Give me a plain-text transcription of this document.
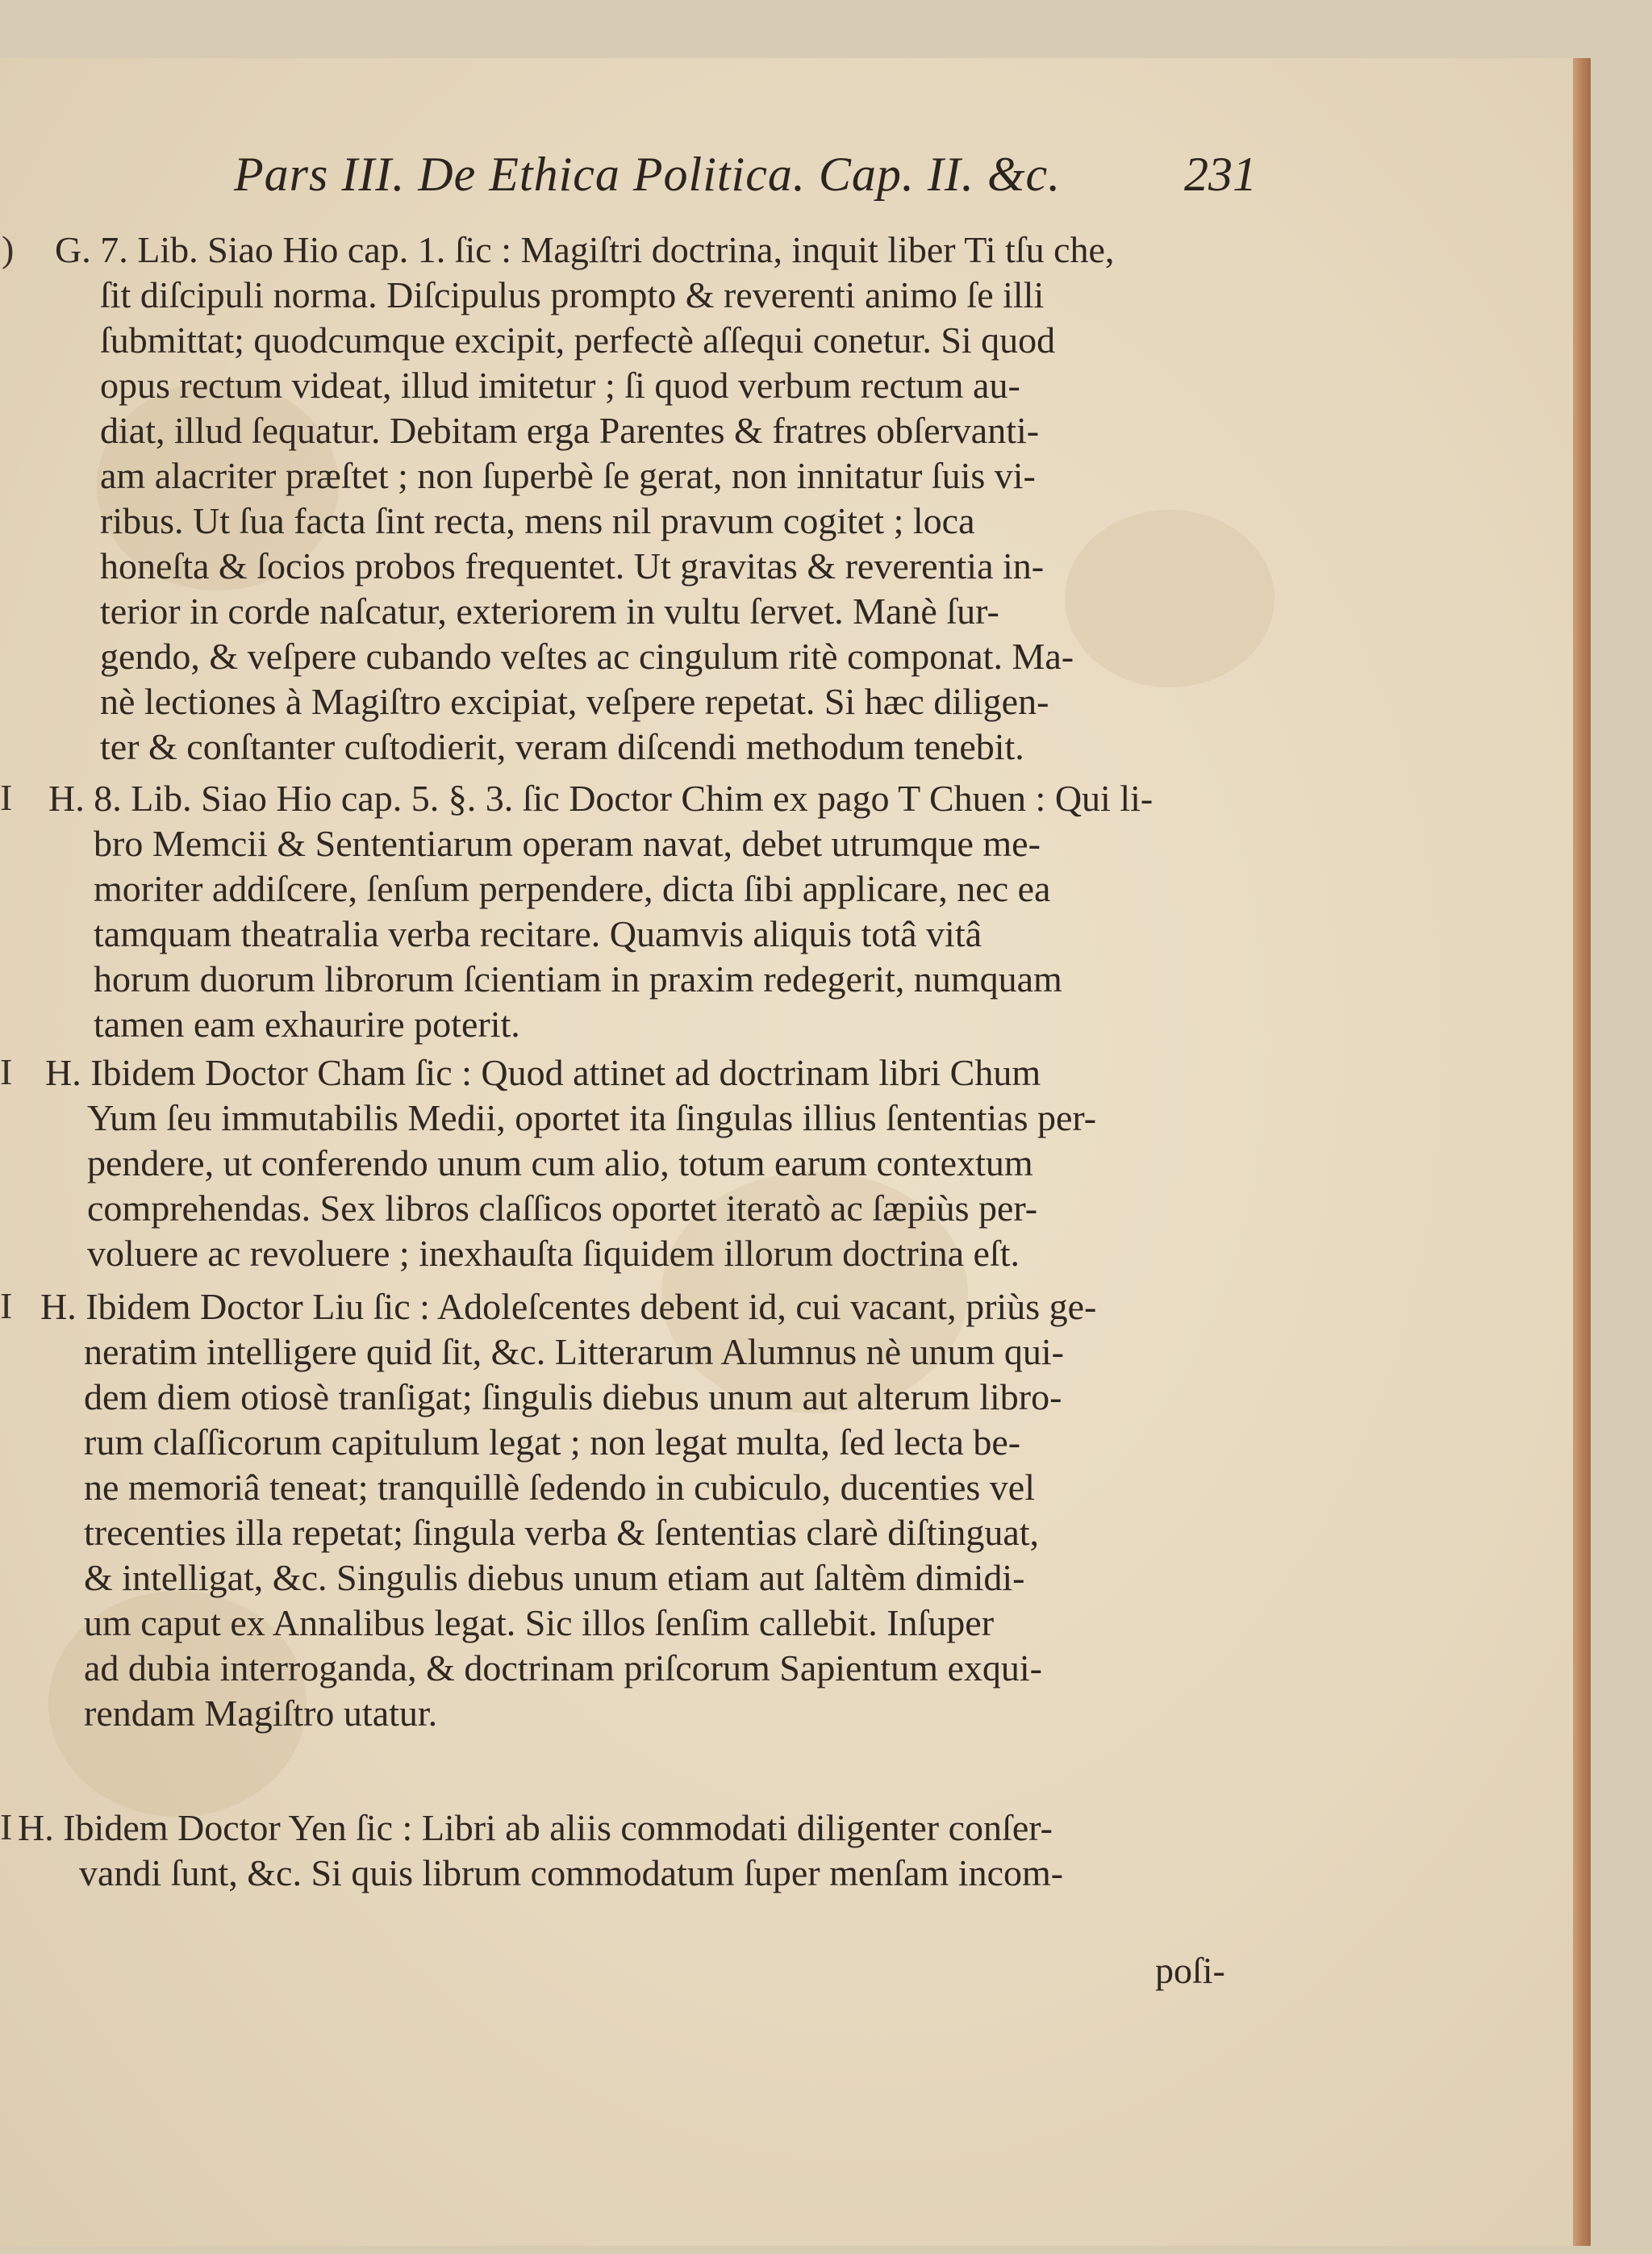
Pars III. De Ethica Politica. Cap. II. &c.	231
) G. 7. Lib. Siao Hio cap. 1. ſic : Magiſtri doctrina, inquit liber Ti tſu che,
ſit diſcipuli norma. Diſcipulus prompto & reverenti animo ſe illi
ſubmittat; quodcumque excipit, perfectè aſſequi conetur. Si quod
opus rectum videat, illud imitetur ; ſi quod verbum rectum au-
diat, illud ſequatur. Debitam erga Parentes & fratres obſervanti-
am alacriter præſtet ; non ſuperbè ſe gerat, non innitatur ſuis vi-
ribus. Ut ſua facta ſint recta, mens nil pravum cogitet ; loca
honeſta & ſocios probos frequentet. Ut gravitas & reverentia in-
terior in corde naſcatur, exteriorem in vultu ſervet. Manè ſur-
gendo, & veſpere cubando veſtes ac cingulum ritè componat. Ma-
nè lectiones à Magiſtro excipiat, veſpere repetat. Si hæc diligen-
ter & conſtanter cuſtodierit, veram diſcendi methodum tenebit.
I H. 8. Lib. Siao Hio cap. 5. §. 3. ſic Doctor Chim ex pago T Chuen : Qui li-
bro Memcii & Sententiarum operam navat, debet utrumque me-
moriter addiſcere, ſenſum perpendere, dicta ſibi applicare, nec ea
tamquam theatralia verba recitare. Quamvis aliquis totâ vitâ
horum duorum librorum ſcientiam in praxim redegerit, numquam
tamen eam exhaurire poterit.
I H. Ibidem Doctor Cham ſic : Quod attinet ad doctrinam libri Chum
Yum ſeu immutabilis Medii, oportet ita ſingulas illius ſententias per-
pendere, ut conferendo unum cum alio, totum earum contextum
comprehendas. Sex libros claſſicos oportet iteratò ac ſæpiùs per-
voluere ac revoluere ; inexhauſta ſiquidem illorum doctrina eſt.
I H. Ibidem Doctor Liu ſic : Adoleſcentes debent id, cui vacant, priùs ge-
neratim intelligere quid ſit, &c. Litterarum Alumnus nè unum qui-
dem diem otiosè tranſigat; ſingulis diebus unum aut alterum libro-
rum claſſicorum capitulum legat ; non legat multa, ſed lecta be-
ne memoriâ teneat; tranquillè ſedendo in cubiculo, ducenties vel
trecenties illa repetat; ſingula verba & ſententias clarè diſtinguat,
& intelligat, &c. Singulis diebus unum etiam aut ſaltèm dimidi-
um caput ex Annalibus legat. Sic illos ſenſim callebit. Inſuper
ad dubia interroganda, & doctrinam priſcorum Sapientum exqui-
rendam Magiſtro utatur.
I H. Ibidem Doctor Yen ſic : Libri ab aliis commodati diligenter conſer-
vandi ſunt, &c. Si quis librum commodatum ſuper menſam incom-
poſi-
